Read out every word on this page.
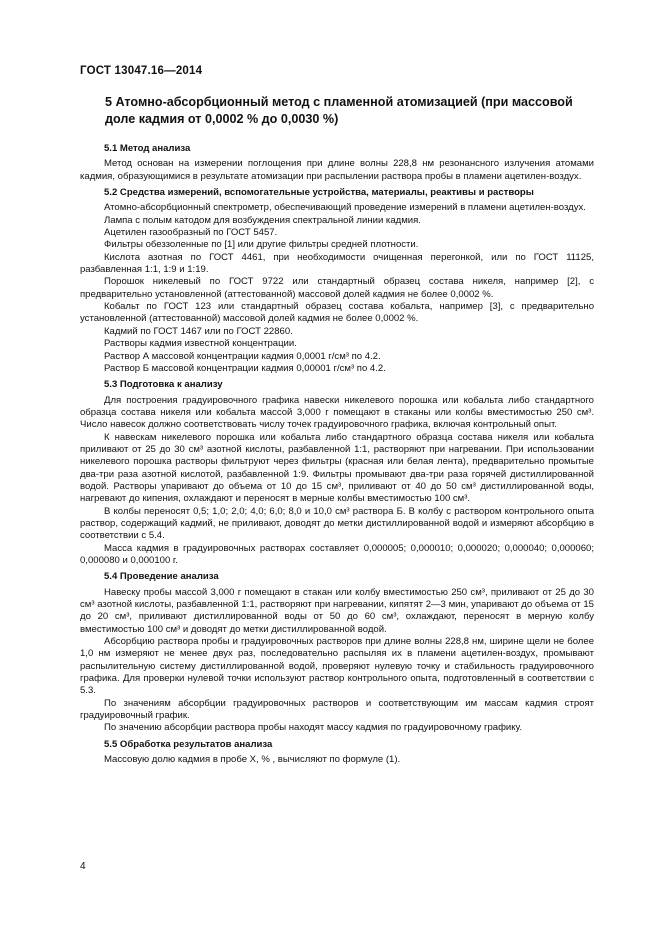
ГОСТ 13047.16—2014
5 Атомно-абсорбционный метод с пламенной атомизацией (при массовой доле кадмия от 0,0002 % до 0,0030 %)
5.1 Метод анализа

Метод основан на измерении поглощения при длине волны 228,8 нм резонансного излучения атомами кадмия, образующимися в результате атомизации при распылении раствора пробы в пламени ацетилен-воздух.

5.2 Средства измерений, вспомогательные устройства, материалы, реактивы и растворы

Атомно-абсорбционный спектрометр, обеспечивающий проведение измерений в пламени ацетилен-воздух.

Лампа с полым катодом для возбуждения спектральной линии кадмия.

Ацетилен газообразный по ГОСТ 5457.

Фильтры обеззоленные по [1] или другие фильтры средней плотности.

Кислота азотная по ГОСТ 4461, при необходимости очищенная перегонкой, или по ГОСТ 11125, разбавленная 1:1, 1:9 и 1:19.

Порошок никелевый по ГОСТ 9722 или стандартный образец состава никеля, например [2], с предварительно установленной (аттестованной) массовой долей кадмия не более 0,0002 %.

Кобальт по ГОСТ 123 или стандартный образец состава кобальта, например [3], с предварительно установленной (аттестованной) массовой долей кадмия не более 0,0002 %.

Кадмий по ГОСТ 1467 или по ГОСТ 22860.

Растворы кадмия известной концентрации.

Раствор А массовой концентрации кадмия 0,0001 г/см³ по 4.2.

Раствор Б массовой концентрации кадмия 0,00001 г/см³ по 4.2.

5.3 Подготовка к анализу

Для построения градуировочного графика навески никелевого порошка или кобальта либо стандартного образца состава никеля или кобальта массой 3,000 г помещают в стаканы или колбы вместимостью 250 см³. Число навесок должно соответствовать числу точек градуировочного графика, включая контрольный опыт.

К навескам никелевого порошка или кобальта либо стандартного образца состава никеля или кобальта приливают от 25 до 30 см³ азотной кислоты, разбавленной 1:1, растворяют при нагревании. При использовании никелевого порошка растворы фильтруют через фильтры (красная или белая лента), предварительно промытые два-три раза азотной кислотой, разбавленной 1:9. Фильтры промывают два-три раза горячей дистиллированной водой. Растворы упаривают до объема от 10 до 15 см³, приливают от 40 до 50 см³ дистиллированной воды, нагревают до кипения, охлаждают и переносят в мерные колбы вместимостью 100 см³.

В колбы переносят 0,5; 1,0; 2,0; 4,0; 6,0; 8,0 и 10,0 см³ раствора Б. В колбу с раствором контрольного опыта раствор, содержащий кадмий, не приливают, доводят до метки дистиллированной водой и измеряют абсорбцию в соответствии с 5.4.

Масса кадмия в градуировочных растворах составляет 0,000005; 0,000010; 0,000020; 0,000040; 0,000060; 0,000080 и 0,000100 г.

5.4 Проведение анализа

Навеску пробы массой 3,000 г помещают в стакан или колбу вместимостью 250 см³, приливают от 25 до 30 см³ азотной кислоты, разбавленной 1:1, растворяют при нагревании, кипятят 2—3 мин, упаривают до объема от 15 до 20 см³, приливают дистиллированной воды от 50 до 60 см³, охлаждают, переносят в мерную колбу вместимостью 100 см³ и доводят до метки дистиллированной водой.

Абсорбцию раствора пробы и градуировочных растворов при длине волны 228,8 нм, ширине щели не более 1,0 нм измеряют не менее двух раз, последовательно распыляя их в пламени ацетилен-воздух, промывают распылительную систему дистиллированной водой, проверяют нулевую точку и стабильность градуировочного графика. Для проверки нулевой точки используют раствор контрольного опыта, подготовленный в соответствии с 5.3.

По значениям абсорбции градуировочных растворов и соответствующим им массам кадмия строят градуировочный график.

По значению абсорбции раствора пробы находят массу кадмия по градуировочному графику.

5.5 Обработка результатов анализа

Массовую долю кадмия в пробе X, % , вычисляют по формуле (1).

4
